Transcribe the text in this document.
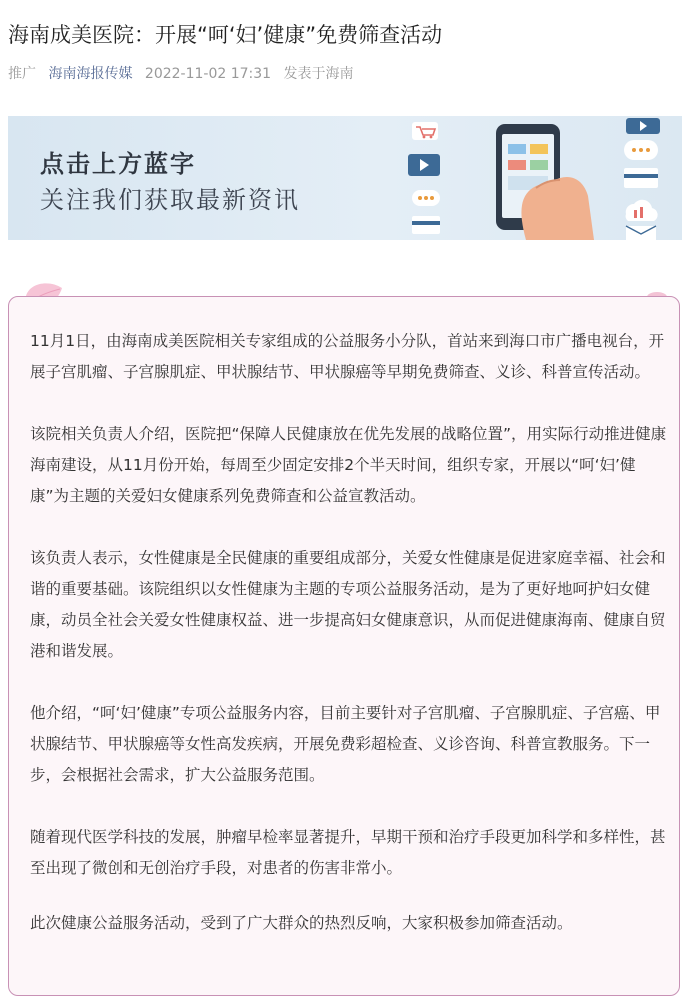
海南成美医院：开展“呵‘妇’健康”免费筛查活动
推广 海南海报传媒 2022-11-02 17:31 发表于海南
点击上方蓝字
关注我们获取最新资讯

11月1日，由海南成美医院相关专家组成的公益服务小分队，首站来到海口市广播电视台，开展子宫肌瘤、子宫腺肌症、甲状腺结节、甲状腺癌等早期免费筛查、义诊、科普宣传活动。

该院相关负责人介绍，医院把“保障人民健康放在优先发展的战略位置”，用实际行动推进健康海南建设，从11月份开始，每周至少固定安排2个半天时间，组织专家，开展以“呵‘妇’健康”为主题的关爱妇女健康系列免费筛查和公益宣教活动。

该负责人表示，女性健康是全民健康的重要组成部分，关爱女性健康是促进家庭幸福、社会和谐的重要基础。该院组织以女性健康为主题的专项公益服务活动，是为了更好地呵护妇女健康，动员全社会关爱女性健康权益、进一步提高妇女健康意识，从而促进健康海南、健康自贸港和谐发展。

他介绍，“呵‘妇’健康”专项公益服务内容，目前主要针对子宫肌瘤、子宫腺肌症、子宫癌、甲状腺结节、甲状腺癌等女性高发疾病，开展免费彩超检查、义诊咨询、科普宣教服务。下一步，会根据社会需求，扩大公益服务范围。

随着现代医学科技的发展，肿瘤早检率显著提升，早期干预和治疗手段更加科学和多样性，甚至出现了微创和无创治疗手段，对患者的伤害非常小。

此次健康公益服务活动，受到了广大群众的热烈反响，大家积极参加筛查活动。
